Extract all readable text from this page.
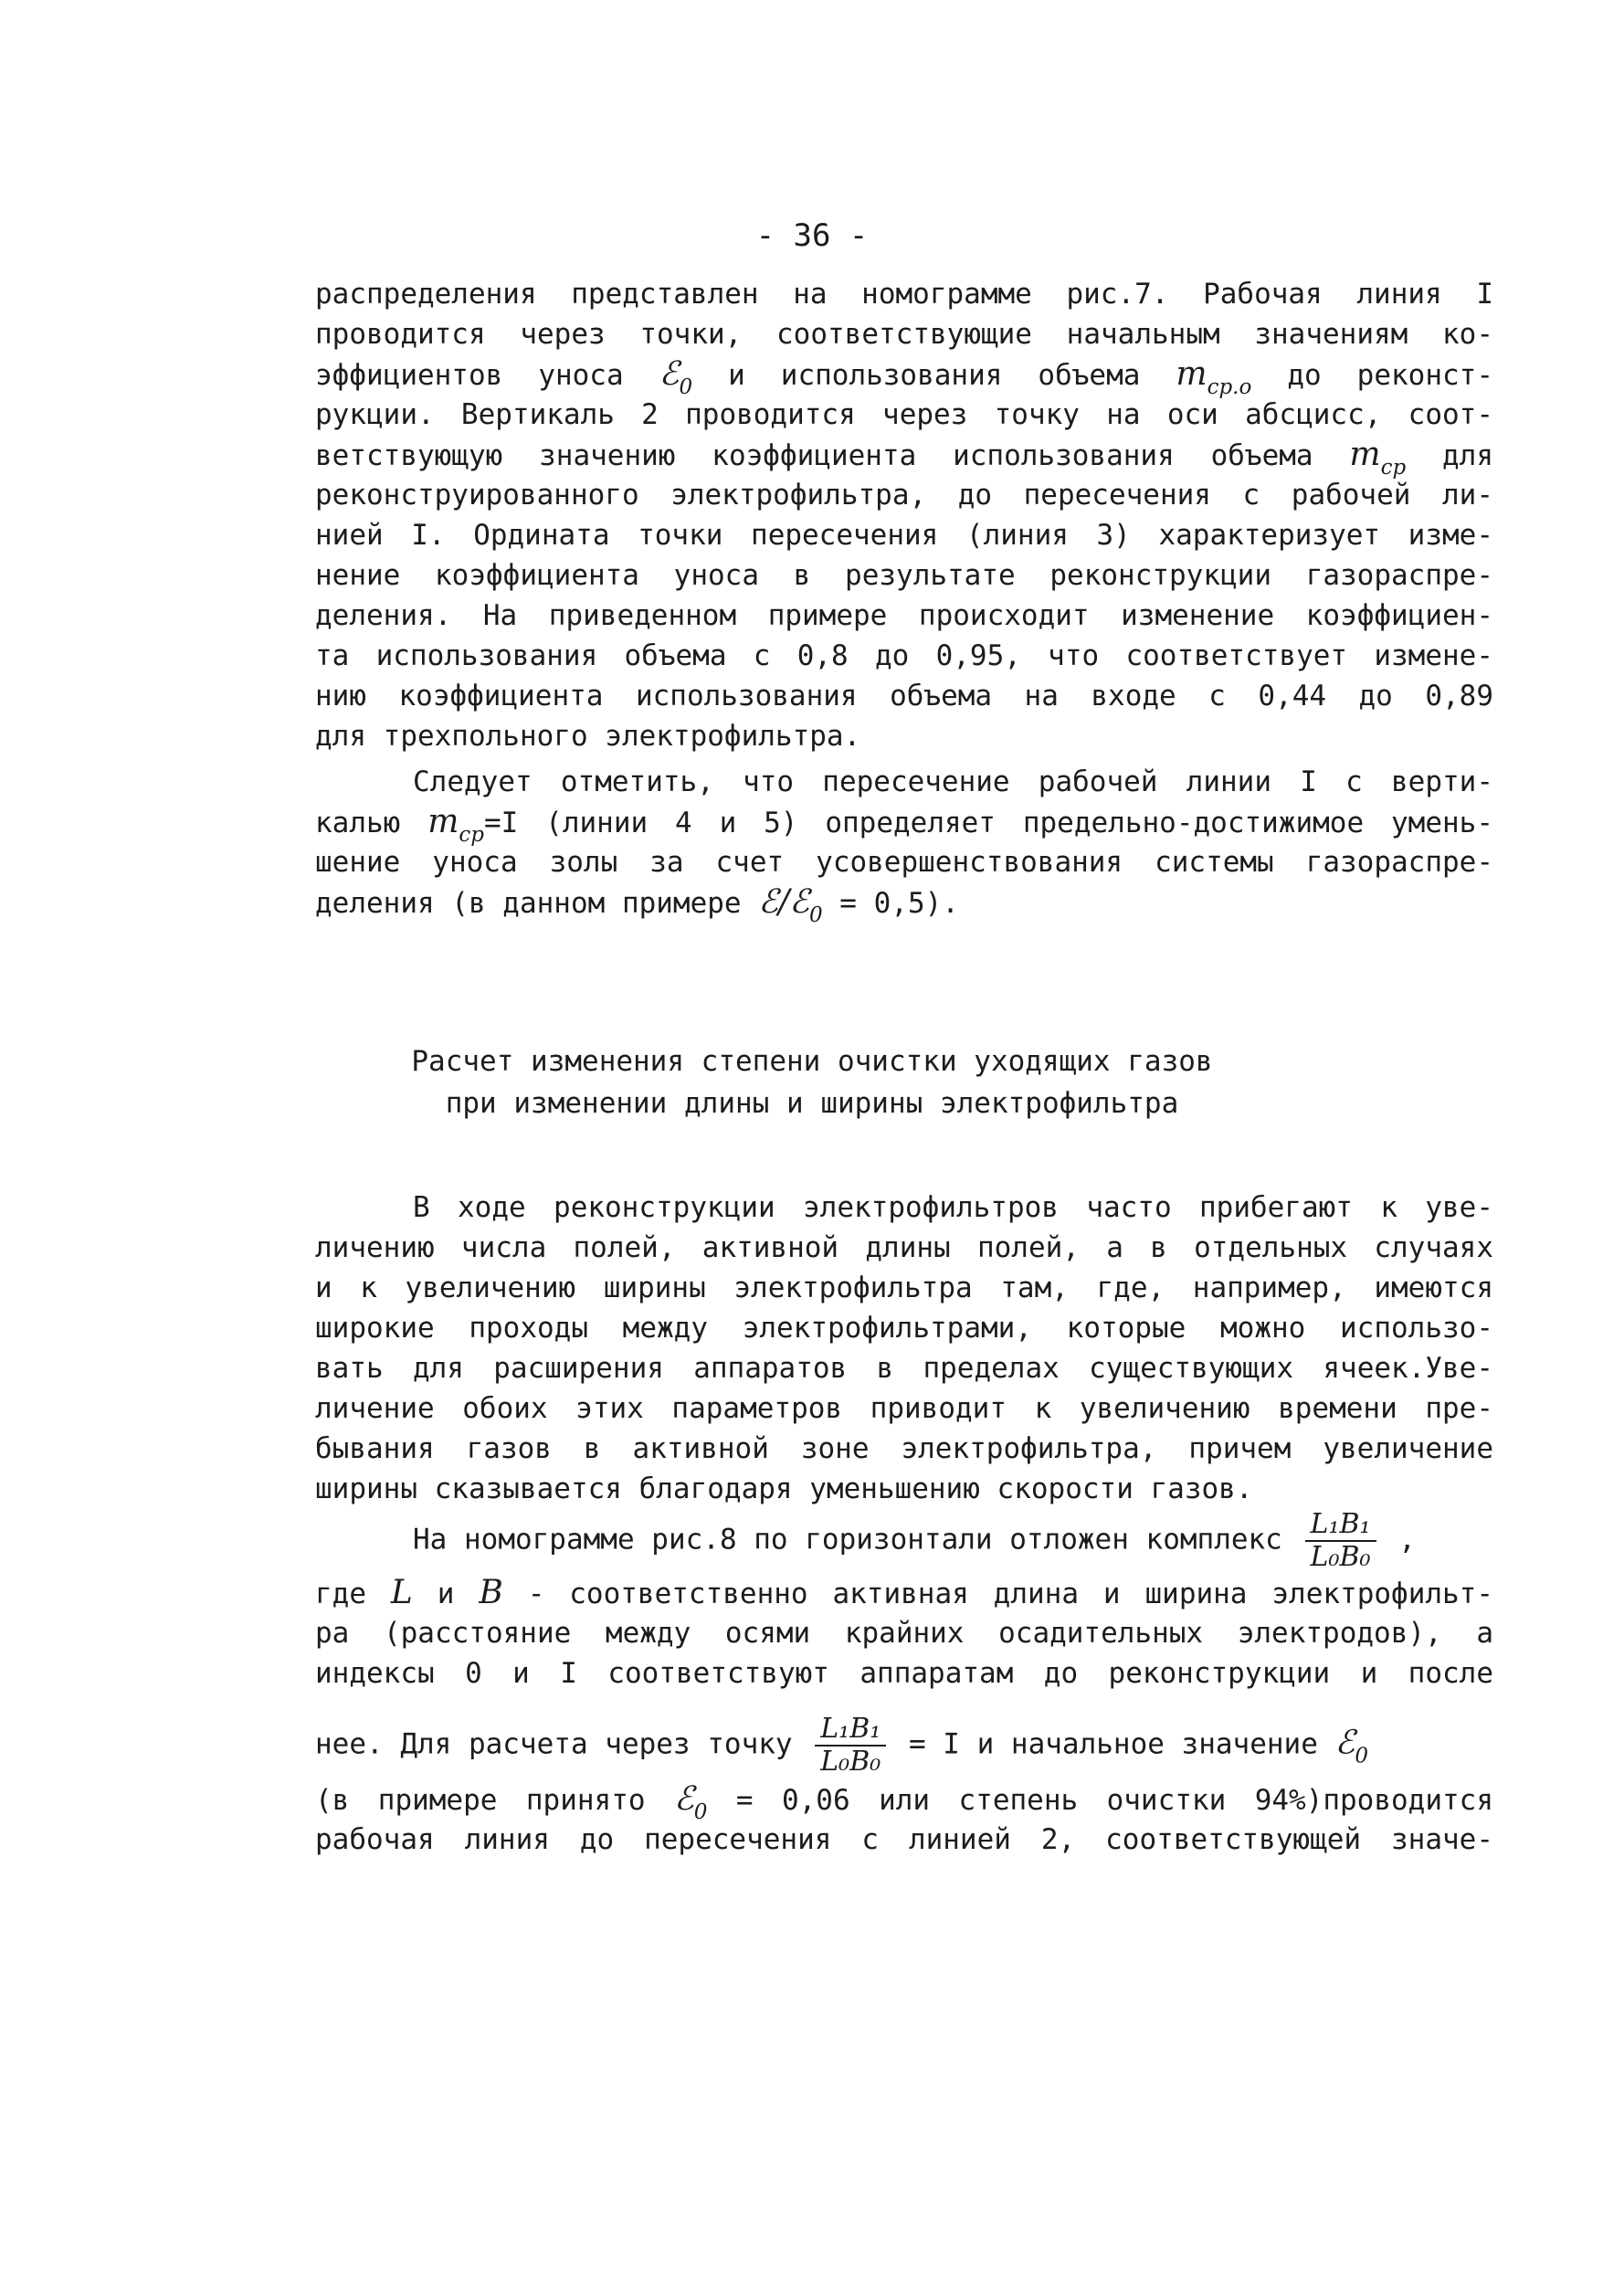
- 36 -
распределения представлен на номограмме рис.7. Рабочая линия I
проводится через точки, соответствующие начальным значениям ко-
эффициентов уноса ℰ$_0$ и использования объема $m_{cp.o}$ до реконст-
рукции. Вертикаль 2 проводится через точку на оси абсцисс, соот-
ветствующую значению коэффициента использования объема $m_{cp}$ для
реконструированного электрофильтра, до пересечения с рабочей ли-
нией I. Ордината точки пересечения (линия 3) характеризует изме-
нение коэффициента уноса в результате реконструкции газораспре-
деления. На приведенном примере происходит изменение коэффициен-
та использования объема с 0,8 до 0,95, что соответствует измене-
нию коэффициента использования объема на входе с 0,44 до 0,89
для трехпольного электрофильтра.
Следует отметить, что пересечение рабочей линии I с верти-
калью $m_{cp}=I$ (линии 4 и 5) определяет предельно-достижимое умень-
шение уноса золы за счет усовершенствования системы газораспре-
деления (в данном примере ℰ/ℰ$_0$ = 0,5).
Расчет изменения степени очистки уходящих газов
при изменении длины и ширины электрофильтра
В ходе реконструкции электрофильтров часто прибегают к уве-
личению числа полей, активной длины полей, а в отдельных случаях
и к увеличению ширины электрофильтра там, где, например, имеются
широкие проходы между электрофильтрами, которые можно использо-
вать для расширения аппаратов в пределах существующих ячеек.Уве-
личение обоих этих параметров приводит к увеличению времени пре-
бывания газов в активной зоне электрофильтра, причем увеличение
ширины сказывается благодаря уменьшению скорости газов.
На номограмме рис.8 по горизонтали отложен комплекс $\frac{\text{L₁B₁}}{\text{L₀B₀}}$ ,
где L и B - соответственно активная длина и ширина электрофильт-
ра (расстояние между осями крайних осадительных электродов), а
индексы 0 и I соответствуют аппаратам до реконструкции и после
нее. Для расчета через точку $\frac{\text{L₁B₁}}{\text{L₀B₀}} = I$ и начальное значение ℰ$_0$
(в примере принято ℰ$_0$ = 0,06 или степень очистки 94%)проводится
рабочая линия до пересечения с линией 2, соответствующей значе-
